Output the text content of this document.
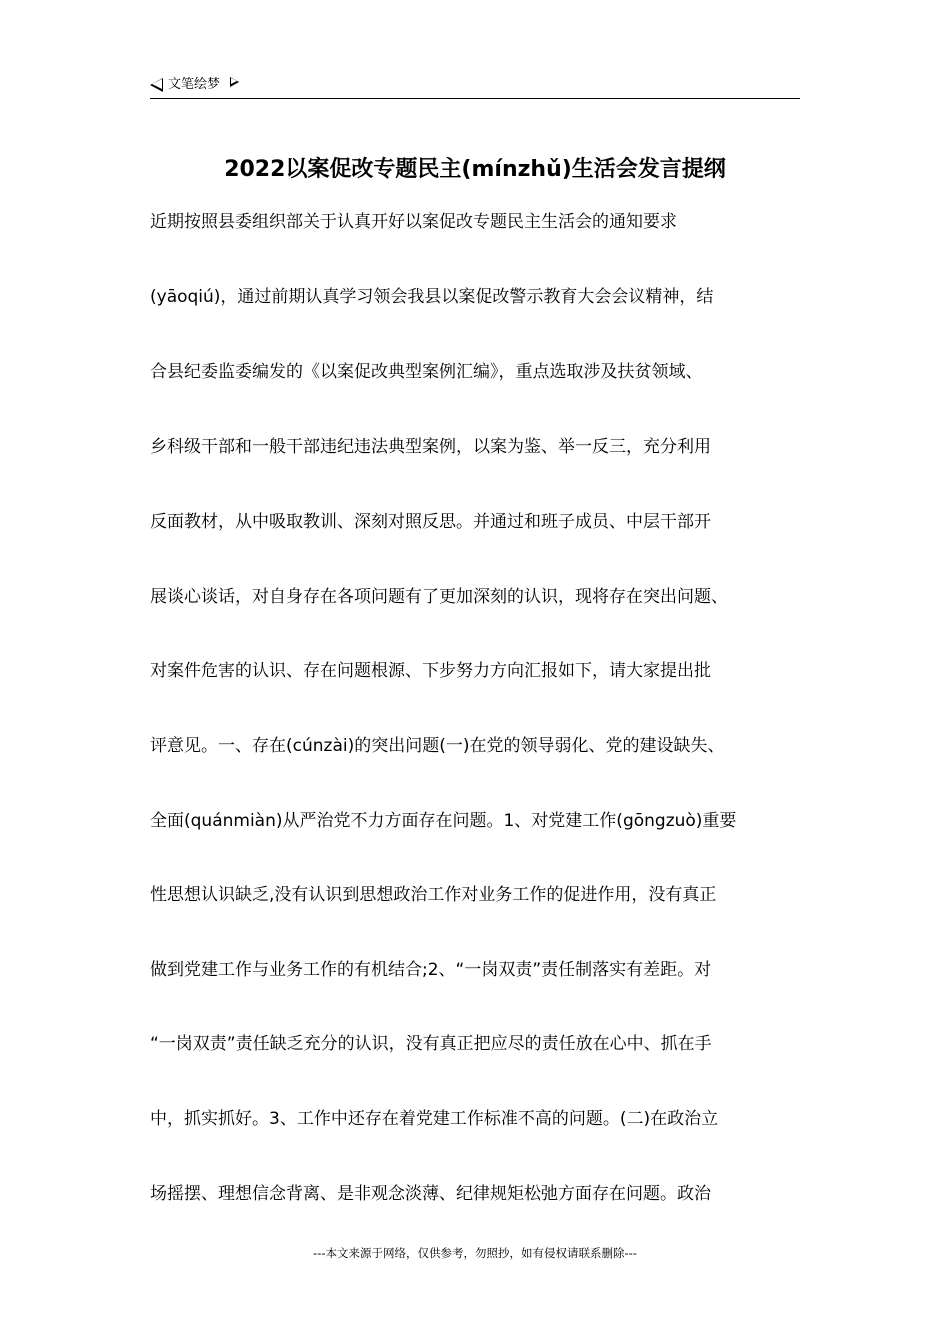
文笔绘梦
2022以案促改专题民主(mínzhǔ)生活会发言提纲
近期按照县委组织部关于认真开好以案促改专题民主生活会的通知要求
(yāoqiú)，通过前期认真学习领会我县以案促改警示教育大会会议精神，结
合县纪委监委编发的《以案促改典型案例汇编》，重点选取涉及扶贫领域、
乡科级干部和一般干部违纪违法典型案例，以案为鉴、举一反三，充分利用
反面教材，从中吸取教训、深刻对照反思。并通过和班子成员、中层干部开
展谈心谈话，对自身存在各项问题有了更加深刻的认识，现将存在突出问题、
对案件危害的认识、存在问题根源、下步努力方向汇报如下，请大家提出批
评意见。一、存在(cúnzài)的突出问题(一)在党的领导弱化、党的建设缺失、
全面(quánmiàn)从严治党不力方面存在问题。1、对党建工作(gōngzuò)重要
性思想认识缺乏,没有认识到思想政治工作对业务工作的促进作用，没有真正
做到党建工作与业务工作的有机结合;2、“一岗双责”责任制落实有差距。对
“一岗双责”责任缺乏充分的认识，没有真正把应尽的责任放在心中、抓在手
中，抓实抓好。3、工作中还存在着党建工作标准不高的问题。(二)在政治立
场摇摆、理想信念背离、是非观念淡薄、纪律规矩松弛方面存在问题。政治
---本文来源于网络，仅供参考，勿照抄，如有侵权请联系删除---
